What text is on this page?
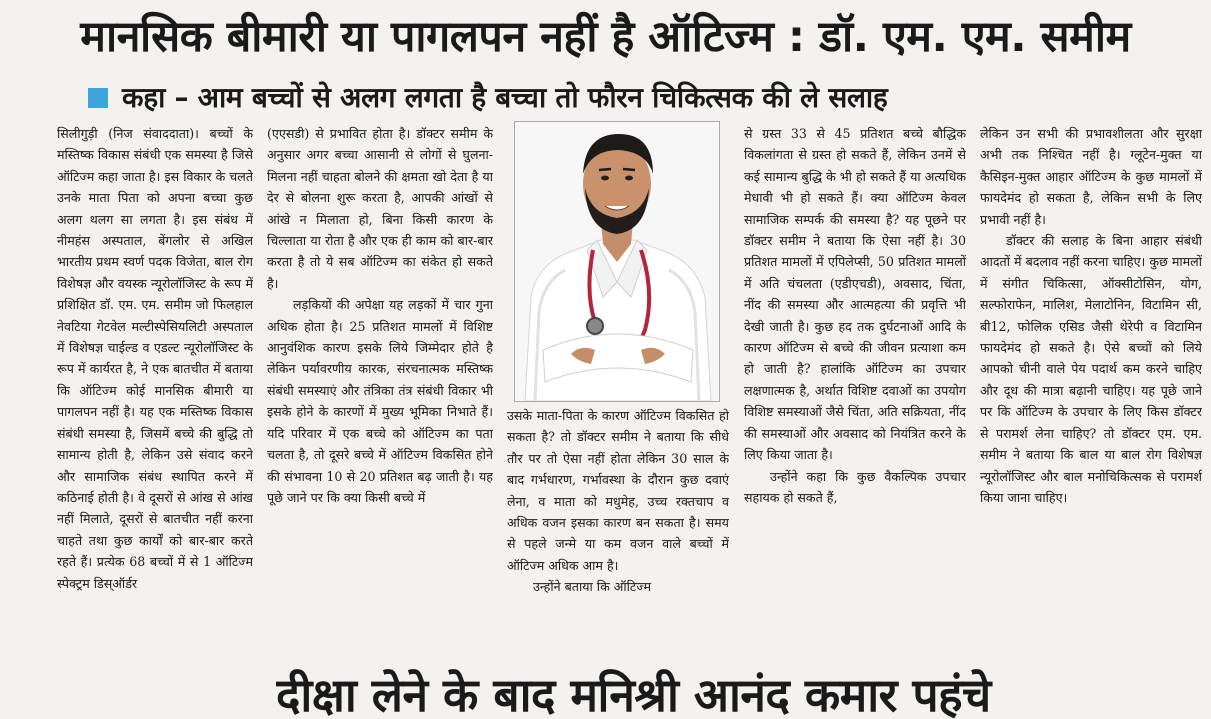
मानसिक बीमारी या पागलपन नहीं है ऑटिज्म : डॉ. एम. एम. समीम
कहा – आम बच्चों से अलग लगता है बच्चा तो फौरन चिकित्सक की ले सलाह

सिलीगुड़ी (निज संवाददाता)। बच्चों के मस्तिष्क विकास संबंधी एक समस्या है जिसे ऑटिज्म कहा जाता है। इस विकार के चलते उनके माता पिता को अपना बच्चा कुछ अलग थलग सा लगता है। इस संबंध में नीमहंस अस्पताल, बेंगलोर से अखिल भारतीय प्रथम स्वर्ण पदक विजेता, बाल रोग विशेषज्ञ और वयस्क न्यूरोलॉजिस्ट के रूप में प्रशिक्षित डॉ. एम. एम. समीम जो फिलहाल नेवटिया गेटवेल मल्टीस्पेसियलिटी अस्पताल में विशेषज्ञ चाईल्ड व एडल्ट न्यूरोलॉजिस्ट के रूप में कार्यरत है, ने एक बातचीत में बताया कि ऑटिज्म कोई मानसिक बीमारी या पागलपन नहीं है। यह एक मस्तिष्क विकास संबंधी समस्या है, जिसमें बच्चे की बुद्धि तो सामान्य होती है, लेकिन उसे संवाद करने और सामाजिक संबंध स्थापित करने में कठिनाई होती है। वे दूसरों से आंख से आंख नहीं मिलाते, दूसरों से बातचीत नहीं करना चाहते तथा कुछ कार्यों को बार-बार करते रहते हैं। प्रत्येक 68 बच्चों में से 1 ऑटिज्म स्पेक्ट्रम डिस्ऑर्डर

(एएसडी) से प्रभावित होता है। डॉक्टर समीम के अनुसार अगर बच्चा आसानी से लोगों से घुलना-मिलना नहीं चाहता बोलने की क्षमता खो देता है या देर से बोलना शुरू करता है, आपकी आंखों से आंखे न मिलाता हो, बिना किसी कारण के चिल्लाता या रोता है और एक ही काम को बार-बार करता है तो ये सब ऑटिज्म का संकेत हो सकते है।

लड़कियों की अपेक्षा यह लड़कों में चार गुना अधिक होता है। 25 प्रतिशत मामलों में विशिष्ट आनुवंशिक कारण इसके लिये जिम्मेदार होते है लेकिन पर्यावरणीय कारक, संरचनात्मक मस्तिष्क संबंधी समस्याएं और तंत्रिका तंत्र संबंधी विकार भी इसके होने के कारणों में मुख्य भूमिका निभाते हैं। यदि परिवार में एक बच्चे को ऑटिज्म का पता चलता है, तो दूसरे बच्चे में ऑटिज्म विकसित होने की संभावना 10 से 20 प्रतिशत बढ़ जाती है। यह पूछे जाने पर कि क्या किसी बच्चे में

उसके माता-पिता के कारण ऑटिज्म विकसित हो सकता है? तो डॉक्टर समीम ने बताया कि सीधे तौर पर तो ऐसा नहीं होता लेकिन 30 साल के बाद गर्भधारण, गर्भावस्था के दौरान कुछ दवाएं लेना, व माता को मधुमेह, उच्च रक्तचाप व अधिक वजन इसका कारण बन सकता है। समय से पहले जन्मे या कम वजन वाले बच्चों में ऑटिज्म अधिक आम है।

उन्होंने बताया कि ऑटिज्म

से ग्रस्त 33 से 45 प्रतिशत बच्चे बौद्धिक विकलांगता से ग्रस्त हो सकते हैं, लेकिन उनमें से कई सामान्य बुद्धि के भी हो सकते हैं या अत्यधिक मेधावी भी हो सकते हैं। क्या ऑटिज्म केवल सामाजिक सम्पर्क की समस्या है? यह पूछने पर डॉक्टर समीम ने बताया कि ऐसा नहीं है। 30 प्रतिशत मामलों में एपिलेप्सी, 50 प्रतिशत मामलों में अति चंचलता (एडीएचडी), अवसाद, चिंता, नींद की समस्या और आत्महत्या की प्रवृत्ति भी देखी जाती है। कुछ हद तक दुर्घटनाओं आदि के कारण ऑटिज्म से बच्चे की जीवन प्रत्याशा कम हो जाती है? हालांकि ऑटिज्म का उपचार लक्षणात्मक है, अर्थात विशिष्ट दवाओं का उपयोग विशिष्ट समस्याओं जैसे चिंता, अति सक्रियता, नींद की समस्याओं और अवसाद को नियंत्रित करने के लिए किया जाता है।

उन्होंने कहा कि कुछ वैकल्पिक उपचार सहायक हो सकते हैं,

लेकिन उन सभी की प्रभावशीलता और सुरक्षा अभी तक निश्चित नहीं है। ग्लूटेन-मुक्त या कैसिइन-मुक्त आहार ऑटिज्म के कुछ मामलों में फायदेमंद हो सकता है, लेकिन सभी के लिए प्रभावी नहीं है।

डॉक्टर की सलाह के बिना आहार संबंधी आदतों में बदलाव नहीं करना चाहिए। कुछ मामलों में संगीत चिकित्सा, ऑक्सीटोसिन, योग, सल्फोराफेन, मालिश, मेलाटोनिन, विटामिन सी, बी12, फोलिक एसिड जैसी थेरेपी व विटामिन फायदेमंद हो सकते है। ऐसे बच्चों को लिये आपको चीनी वाले पेय पदार्थ कम करने चाहिए और दूध की मात्रा बढ़ानी चाहिए। यह पूछे जाने पर कि ऑटिज्म के उपचार के लिए किस डॉक्टर से परामर्श लेना चाहिए? तो डॉक्टर एम. एम. समीम ने बताया कि बाल या बाल रोग विशेषज्ञ न्यूरोलॉजिस्ट और बाल मनोचिकित्सक से परामर्श किया जाना चाहिए।

दीक्षा लेने के बाद मनिश्री आनंद कमार पहंचे
